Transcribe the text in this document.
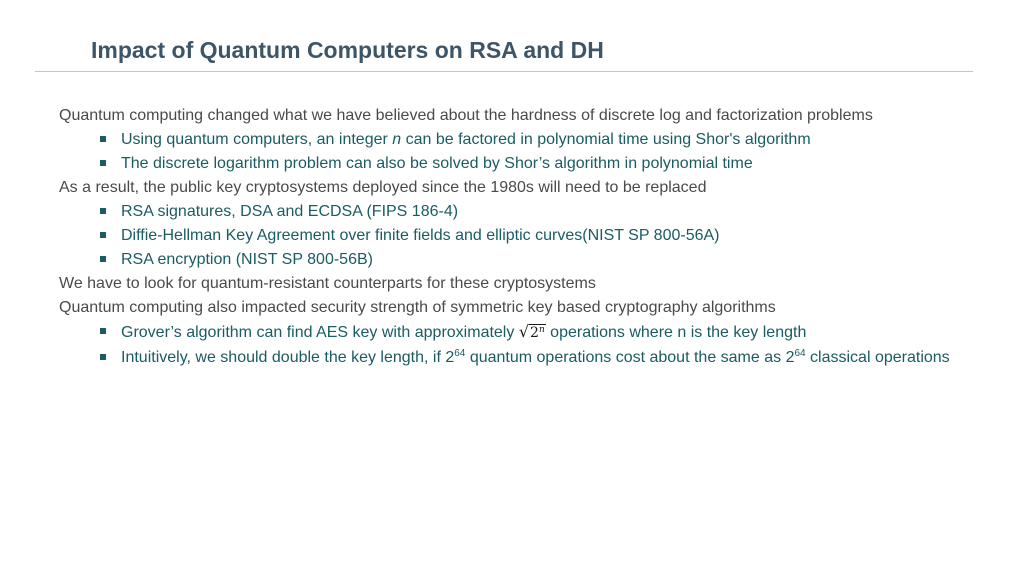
Impact of Quantum Computers on RSA and DH

Quantum computing changed what we have believed about the hardness of discrete log and factorization problems

Using quantum computers, an integer n can be factored in polynomial time using Shor's algorithm

The discrete logarithm problem can also be solved by Shor’s algorithm in polynomial time

As a result, the public key cryptosystems deployed since the 1980s will need to be replaced

RSA signatures, DSA and ECDSA (FIPS 186-4)

Diffie-Hellman Key Agreement over finite fields and elliptic curves(NIST SP 800-56A)

RSA encryption (NIST SP 800-56B)

We have to look for quantum-resistant counterparts for these cryptosystems

Quantum computing also impacted security strength of symmetric key based cryptography algorithms

Grover’s algorithm can find AES key with approximately √2$^n$ operations where n is the key length

Intuitively, we should double the key length, if $2^{64}$ quantum operations cost about the same as $2^{64}$ classical operations
